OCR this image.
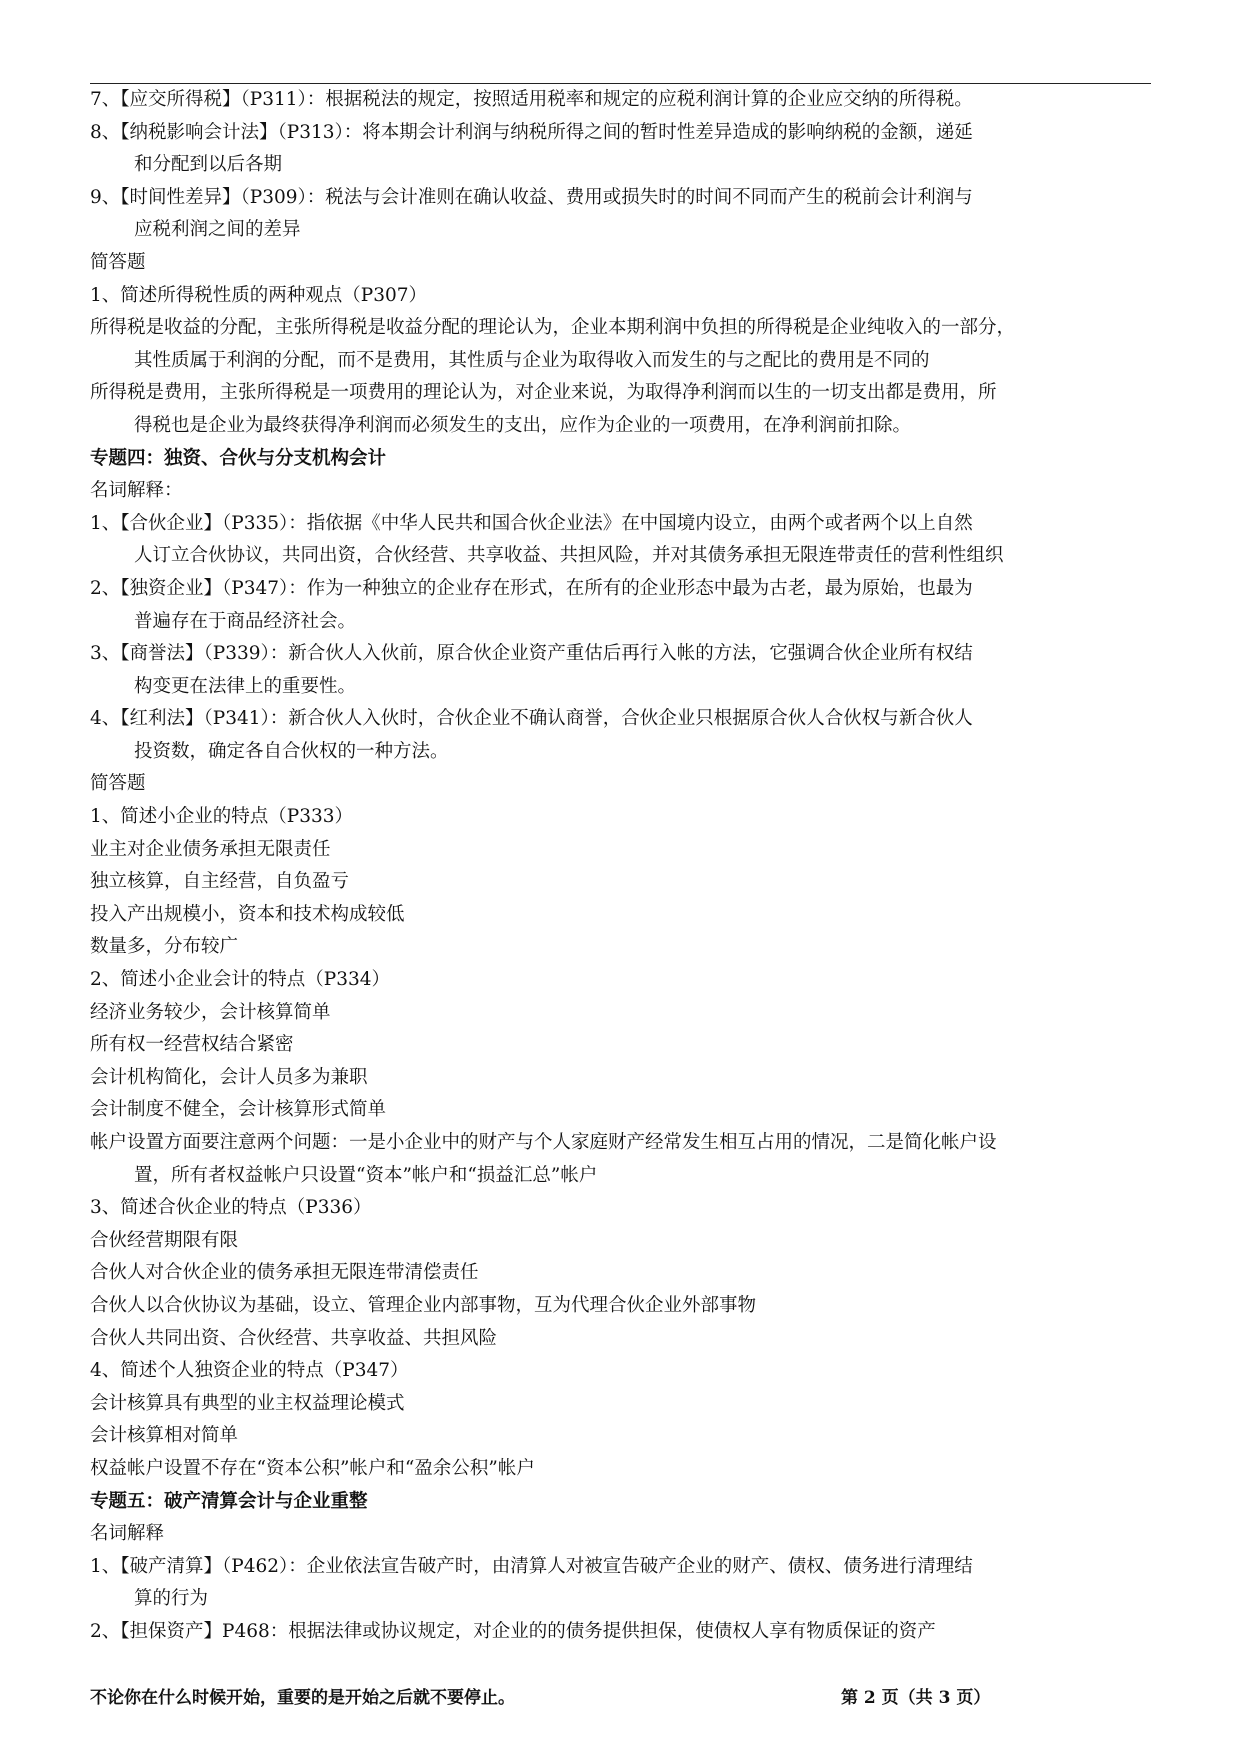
7、【应交所得税】（P311）：根据税法的规定，按照适用税率和规定的应税利润计算的企业应交纳的所得税。
8、【纳税影响会计法】（P313）：将本期会计利润与纳税所得之间的暂时性差异造成的影响纳税的金额，递延
和分配到以后各期
9、【时间性差异】（P309）：税法与会计准则在确认收益、费用或损失时的时间不同而产生的税前会计利润与
应税利润之间的差异
简答题
1、简述所得税性质的两种观点（P307）
所得税是收益的分配，主张所得税是收益分配的理论认为，企业本期利润中负担的所得税是企业纯收入的一部分，
其性质属于利润的分配，而不是费用，其性质与企业为取得收入而发生的与之配比的费用是不同的
所得税是费用，主张所得税是一项费用的理论认为，对企业来说，为取得净利润而以生的一切支出都是费用，所
得税也是企业为最终获得净利润而必须发生的支出，应作为企业的一项费用，在净利润前扣除。
专题四：独资、合伙与分支机构会计
名词解释：
1、【合伙企业】（P335）：指依据《中华人民共和国合伙企业法》在中国境内设立，由两个或者两个以上自然
人订立合伙协议，共同出资，合伙经营、共享收益、共担风险，并对其债务承担无限连带责任的营利性组织
2、【独资企业】（P347）：作为一种独立的企业存在形式，在所有的企业形态中最为古老，最为原始，也最为
普遍存在于商品经济社会。
3、【商誉法】（P339）：新合伙人入伙前，原合伙企业资产重估后再行入帐的方法，它强调合伙企业所有权结
构变更在法律上的重要性。
4、【红利法】（P341）：新合伙人入伙时，合伙企业不确认商誉，合伙企业只根据原合伙人合伙权与新合伙人
投资数，确定各自合伙权的一种方法。
简答题
1、简述小企业的特点（P333）
业主对企业债务承担无限责任
独立核算，自主经营，自负盈亏
投入产出规模小，资本和技术构成较低
数量多，分布较广
2、简述小企业会计的特点（P334）
经济业务较少，会计核算简单
所有权一经营权结合紧密
会计机构简化，会计人员多为兼职
会计制度不健全，会计核算形式简单
帐户设置方面要注意两个问题：一是小企业中的财产与个人家庭财产经常发生相互占用的情况，二是简化帐户设
置，所有者权益帐户只设置“资本”帐户和“损益汇总”帐户
3、简述合伙企业的特点（P336）
合伙经营期限有限
合伙人对合伙企业的债务承担无限连带清偿责任
合伙人以合伙协议为基础，设立、管理企业内部事物，互为代理合伙企业外部事物
合伙人共同出资、合伙经营、共享收益、共担风险
4、简述个人独资企业的特点（P347）
会计核算具有典型的业主权益理论模式
会计核算相对简单
权益帐户设置不存在“资本公积”帐户和“盈余公积”帐户
专题五：破产清算会计与企业重整
名词解释
1、【破产清算】（P462）：企业依法宣告破产时，由清算人对被宣告破产企业的财产、债权、债务进行清理结
算的行为
2、【担保资产】P468：根据法律或协议规定，对企业的的债务提供担保，使债权人享有物质保证的资产
不论你在什么时候开始，重要的是开始之后就不要停止。	第 2 页（共 3 页）
